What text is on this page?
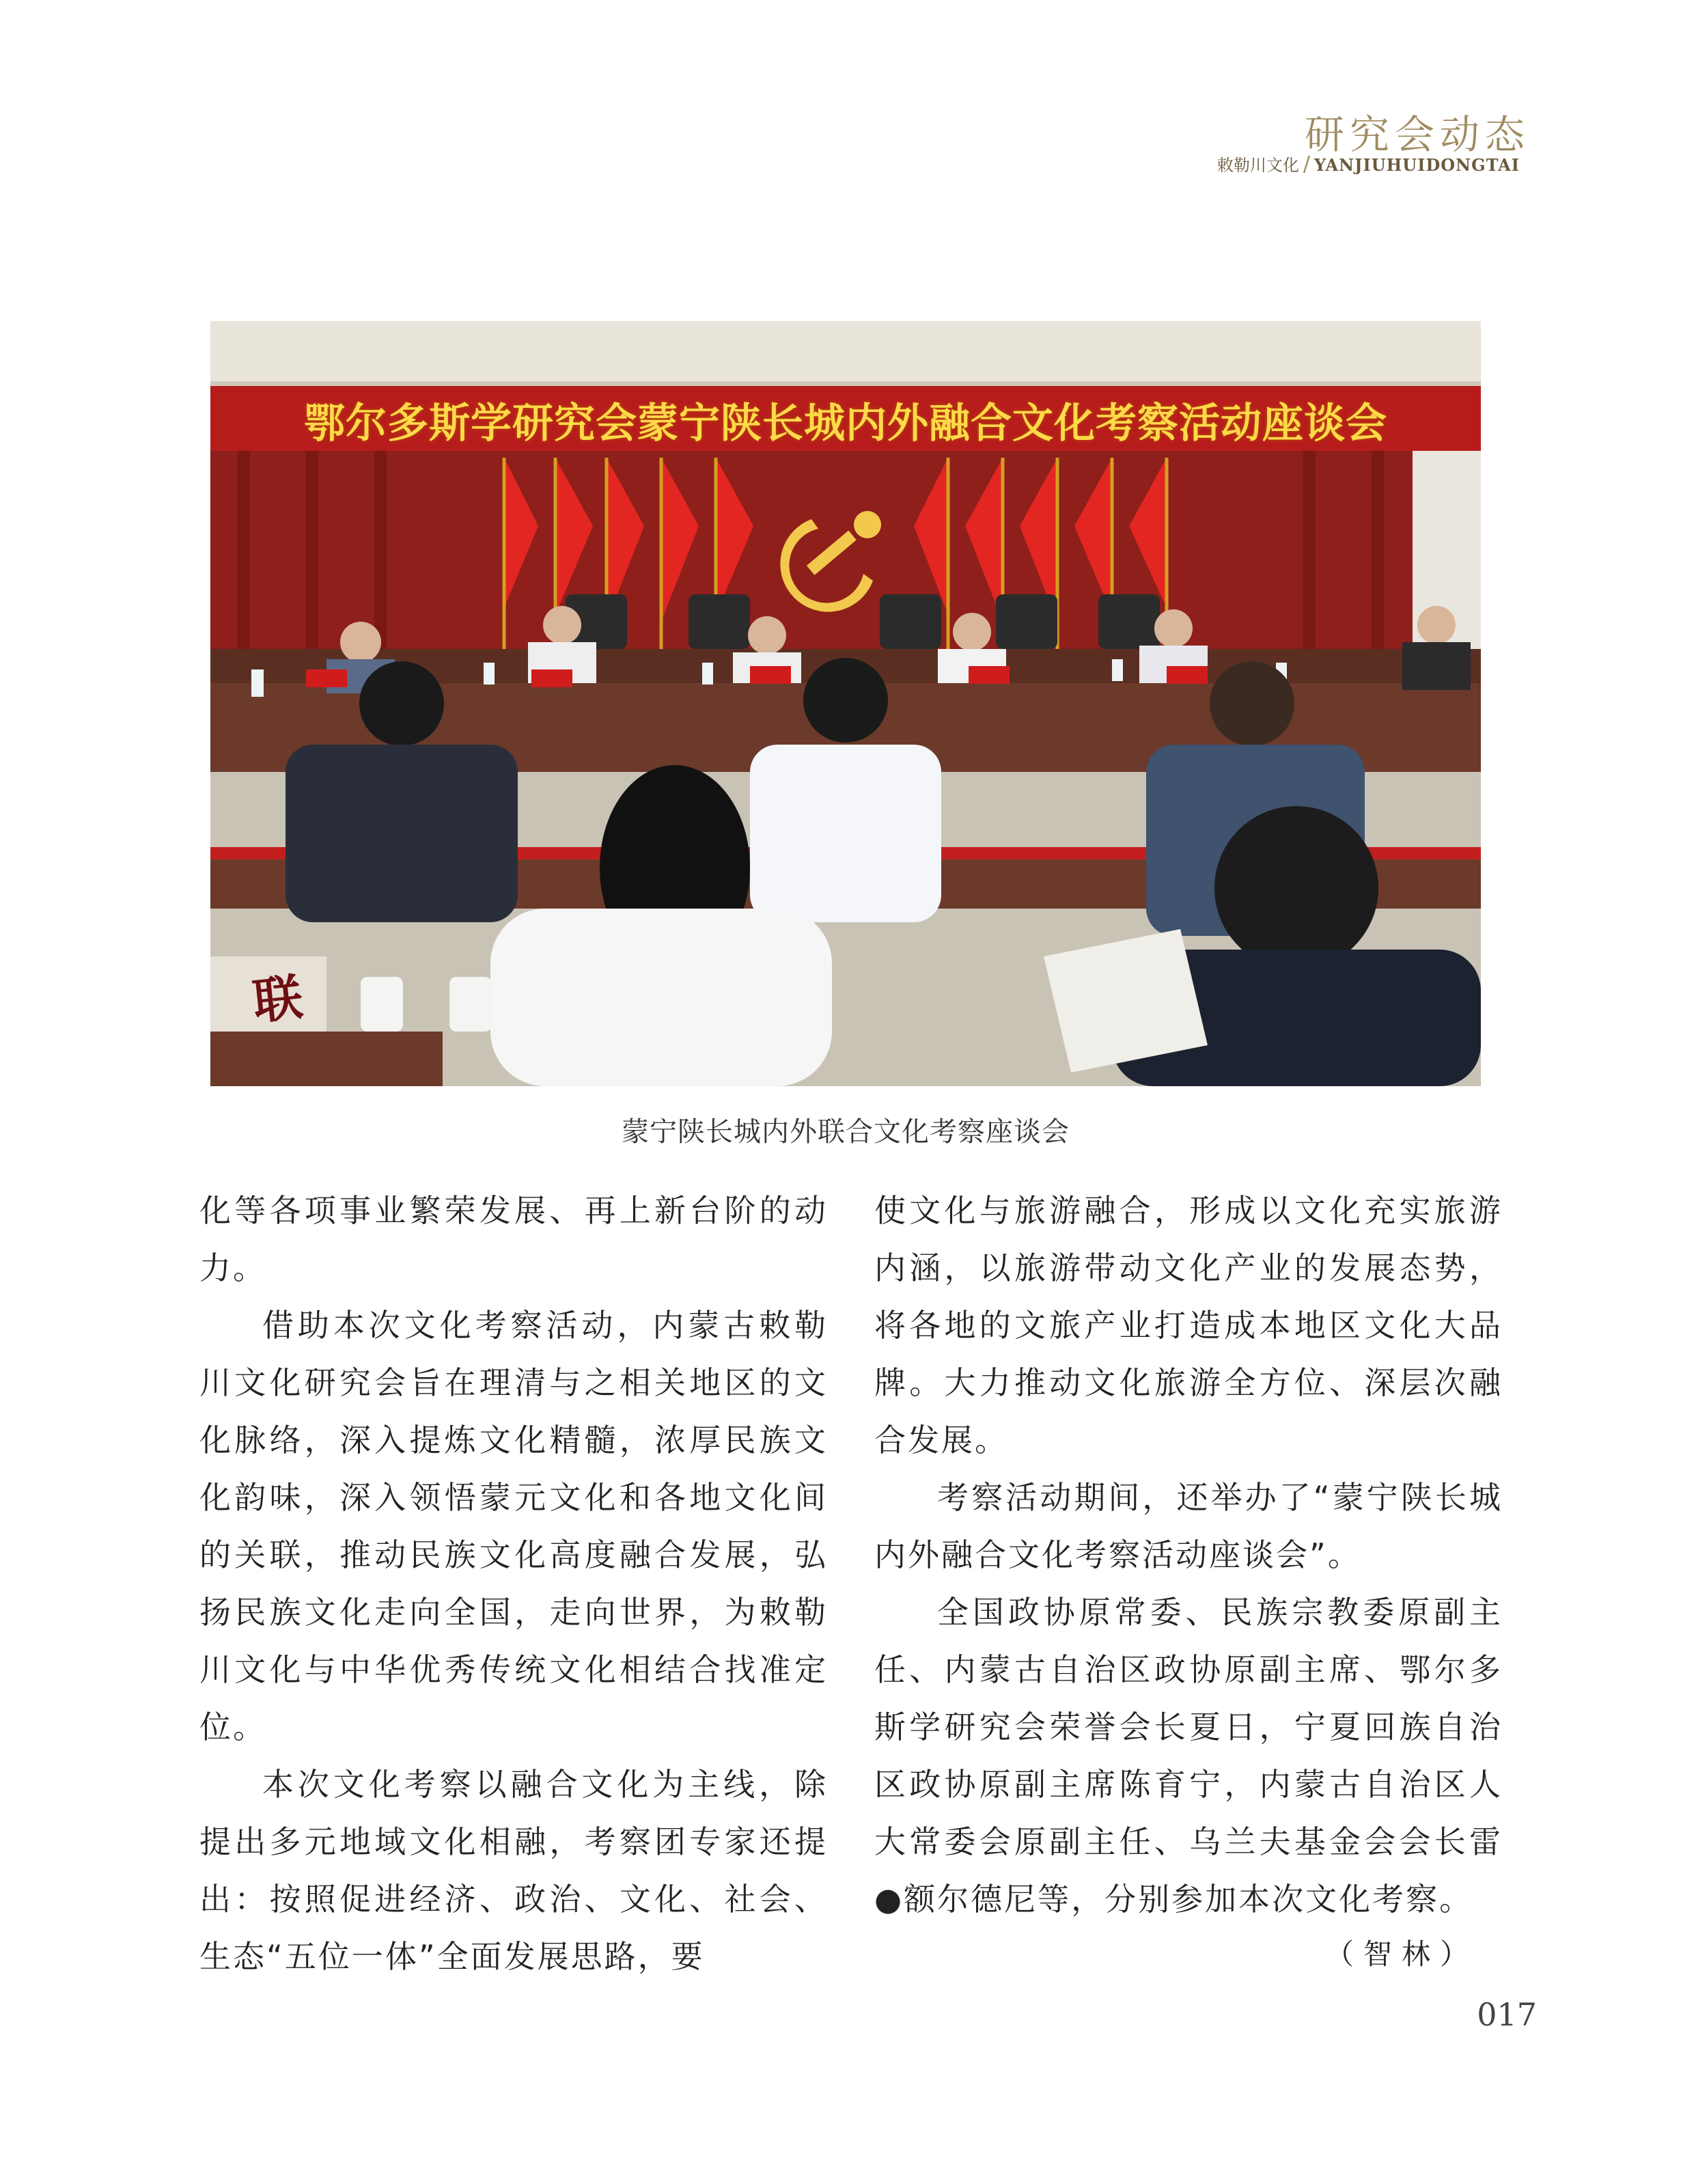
研究会动态
敕勒川文化 / YANJIUHUIDONGTAI
鄂尔多斯学研究会蒙宁陕长城内外融合文化考察活动座谈会
联
蒙宁陕长城内外联合文化考察座谈会

化等各项事业繁荣发展、再上新台阶的动力。

借助本次文化考察活动，内蒙古敕勒川文化研究会旨在理清与之相关地区的文化脉络，深入提炼文化精髓，浓厚民族文化韵味，深入领悟蒙元文化和各地文化间的关联，推动民族文化高度融合发展，弘扬民族文化走向全国，走向世界，为敕勒川文化与中华优秀传统文化相结合找准定位。

本次文化考察以融合文化为主线，除提出多元地域文化相融，考察团专家还提出：按照促进经济、政治、文化、社会、生态“五位一体”全面发展思路，要

使文化与旅游融合，形成以文化充实旅游内涵，以旅游带动文化产业的发展态势，将各地的文旅产业打造成本地区文化大品牌。大力推动文化旅游全方位、深层次融合发展。

考察活动期间，还举办了“蒙宁陕长城内外融合文化考察活动座谈会”。

全国政协原常委、民族宗教委原副主任、内蒙古自治区政协原副主席、鄂尔多斯学研究会荣誉会长夏日，宁夏回族自治区政协原副主席陈育宁，内蒙古自治区人大常委会原副主任、乌兰夫基金会会长雷●额尔德尼等，分别参加本次文化考察。

（智林）
017
